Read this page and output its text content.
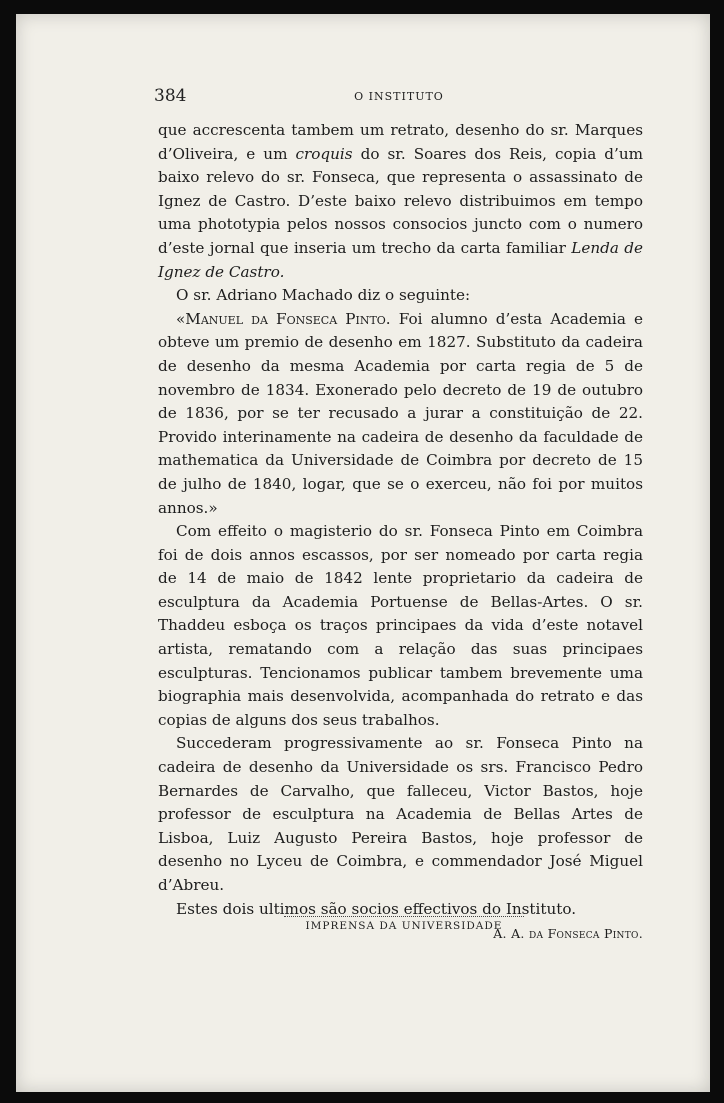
384	O INSTITUTO

que accrescenta tambem um retrato, desenho do sr. Marques d’Oliveira, e um croquis do sr. Soares dos Reis, copia d’um baixo relevo do sr. Fonseca, que representa o assassinato de Ignez de Castro. D’este baixo relevo distribuimos em tempo uma phototypia pelos nossos consocios juncto com o numero d’este jornal que inseria um trecho da carta familiar Lenda de Ignez de Castro.

O sr. Adriano Machado diz o seguinte:

«Manuel da Fonseca Pinto. Foi alumno d’esta Academia e obteve um premio de desenho em 1827. Substituto da cadeira de desenho da mesma Academia por carta regia de 5 de novembro de 1834. Exonerado pelo decreto de 19 de outubro de 1836, por se ter recusado a jurar a constituição de 22. Provido interinamente na cadeira de desenho da faculdade de mathematica da Universidade de Coimbra por decreto de 15 de julho de 1840, logar, que se o exerceu, não foi por muitos annos.»

Com effeito o magisterio do sr. Fonseca Pinto em Coimbra foi de dois annos escassos, por ser nomeado por carta regia de 14 de maio de 1842 lente proprietario da cadeira de esculptura da Academia Portuense de Bellas-Artes. O sr. Thaddeu esboça os traços principaes da vida d’este notavel artista, rematando com a relação das suas principaes esculpturas. Tencionamos publicar tambem brevemente uma biographia mais desenvolvida, acompanhada do retrato e das copias de alguns dos seus trabalhos.

Succederam progressivamente ao sr. Fonseca Pinto na cadeira de desenho da Universidade os srs. Francisco Pedro Bernardes de Carvalho, que falleceu, Victor Bastos, hoje professor de esculptura na Academia de Bellas Artes de Lisboa, Luiz Augusto Pereira Bastos, hoje professor de desenho no Lyceu de Coimbra, e commendador José Miguel d’Abreu.

Estes dois ultimos são socios effectivos do Instituto.

A. A. da Fonseca Pinto.
IMPRENSA DA UNIVERSIDADE
